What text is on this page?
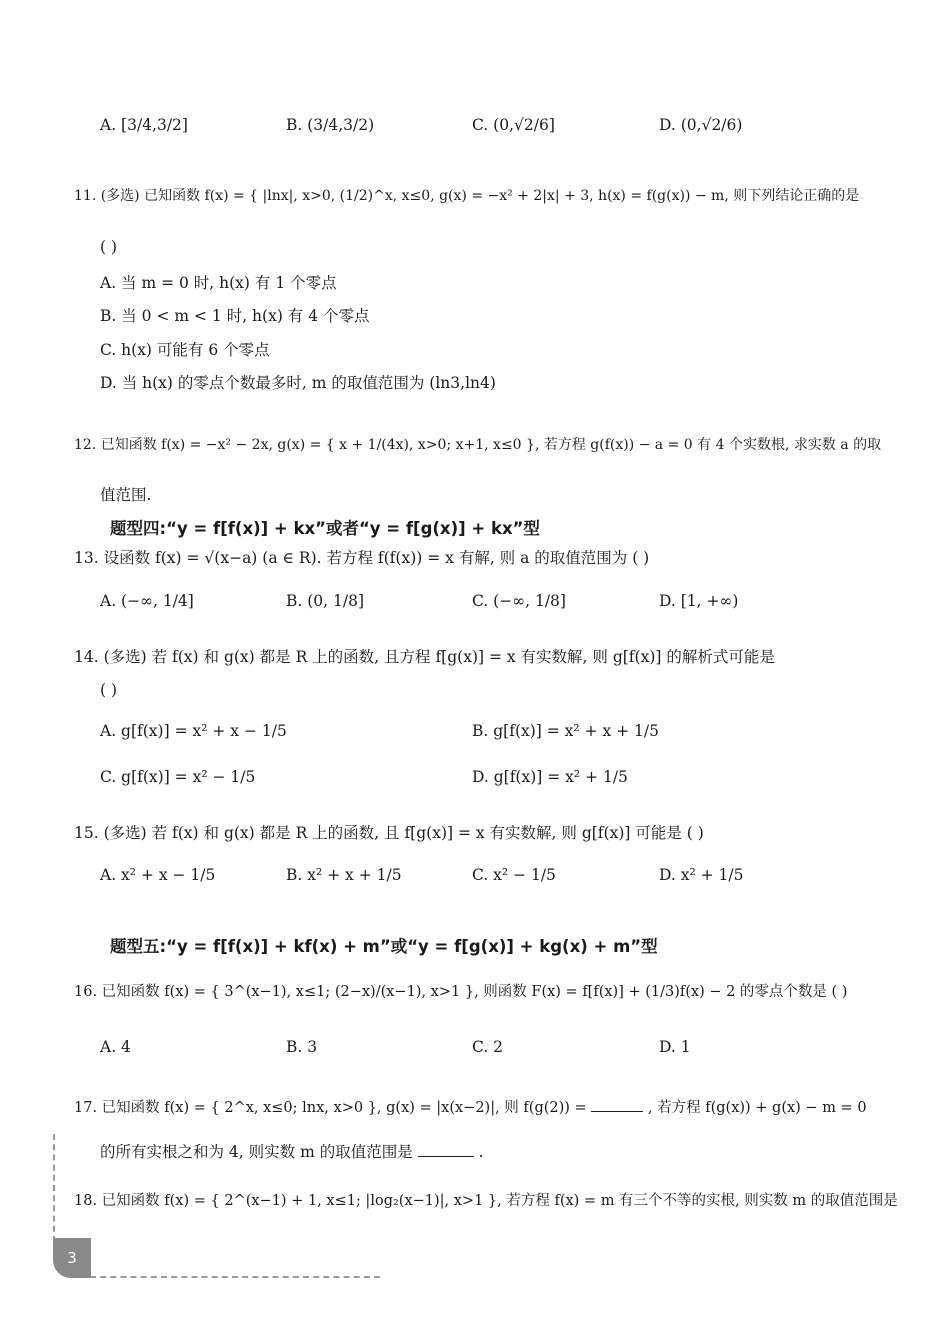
A. [3/4,3/2]	B. (3/4,3/2)	C. (0,√2/6]	D. (0,√2/6)
11. (多选) 已知函数 f(x) = { |lnx|, x>0, (1/2)^x, x≤0, g(x) = −x² + 2|x| + 3, h(x) = f(g(x)) − m, 则下列结论正确的是
( )
A. 当 m = 0 时, h(x) 有 1 个零点
B. 当 0 < m < 1 时, h(x) 有 4 个零点
C. h(x) 可能有 6 个零点
D. 当 h(x) 的零点个数最多时, m 的取值范围为 (ln3,ln4)
12. 已知函数 f(x) = −x² − 2x, g(x) = { x + 1/(4x), x>0; x+1, x≤0 }, 若方程 g(f(x)) − a = 0 有 4 个实数根, 求实数 a 的取
值范围.
题型四:“y = f[f(x)] + kx”或者“y = f[g(x)] + kx”型
13. 设函数 f(x) = √(x−a) (a ∈ R). 若方程 f(f(x)) = x 有解, 则 a 的取值范围为 ( )
A. (−∞, 1/4]	B. (0, 1/8]	C. (−∞, 1/8]	D. [1, +∞)
14. (多选) 若 f(x) 和 g(x) 都是 R 上的函数, 且方程 f[g(x)] = x 有实数解, 则 g[f(x)] 的解析式可能是
( )
A. g[f(x)] = x² + x − 1/5	B. g[f(x)] = x² + x + 1/5
C. g[f(x)] = x² − 1/5	D. g[f(x)] = x² + 1/5
15. (多选) 若 f(x) 和 g(x) 都是 R 上的函数, 且 f[g(x)] = x 有实数解, 则 g[f(x)] 可能是 ( )
A. x² + x − 1/5	B. x² + x + 1/5	C. x² − 1/5	D. x² + 1/5
题型五:“y = f[f(x)] + kf(x) + m”或“y = f[g(x)] + kg(x) + m”型
16. 已知函数 f(x) = { 3^(x−1), x≤1; (2−x)/(x−1), x>1 }, 则函数 F(x) = f[f(x)] + (1/3)f(x) − 2 的零点个数是 ( )
A. 4	B. 3	C. 2	D. 1
17. 已知函数 f(x) = { 2^x, x≤0; lnx, x>0 }, g(x) = |x(x−2)|, 则 f(g(2)) =	, 若方程 f(g(x)) + g(x) − m = 0
的所有实根之和为 4, 则实数 m 的取值范围是	.
18. 已知函数 f(x) = { 2^(x−1) + 1, x≤1; |log₂(x−1)|, x>1 }, 若方程 f(x) = m 有三个不等的实根, 则实数 m 的取值范围是
3
